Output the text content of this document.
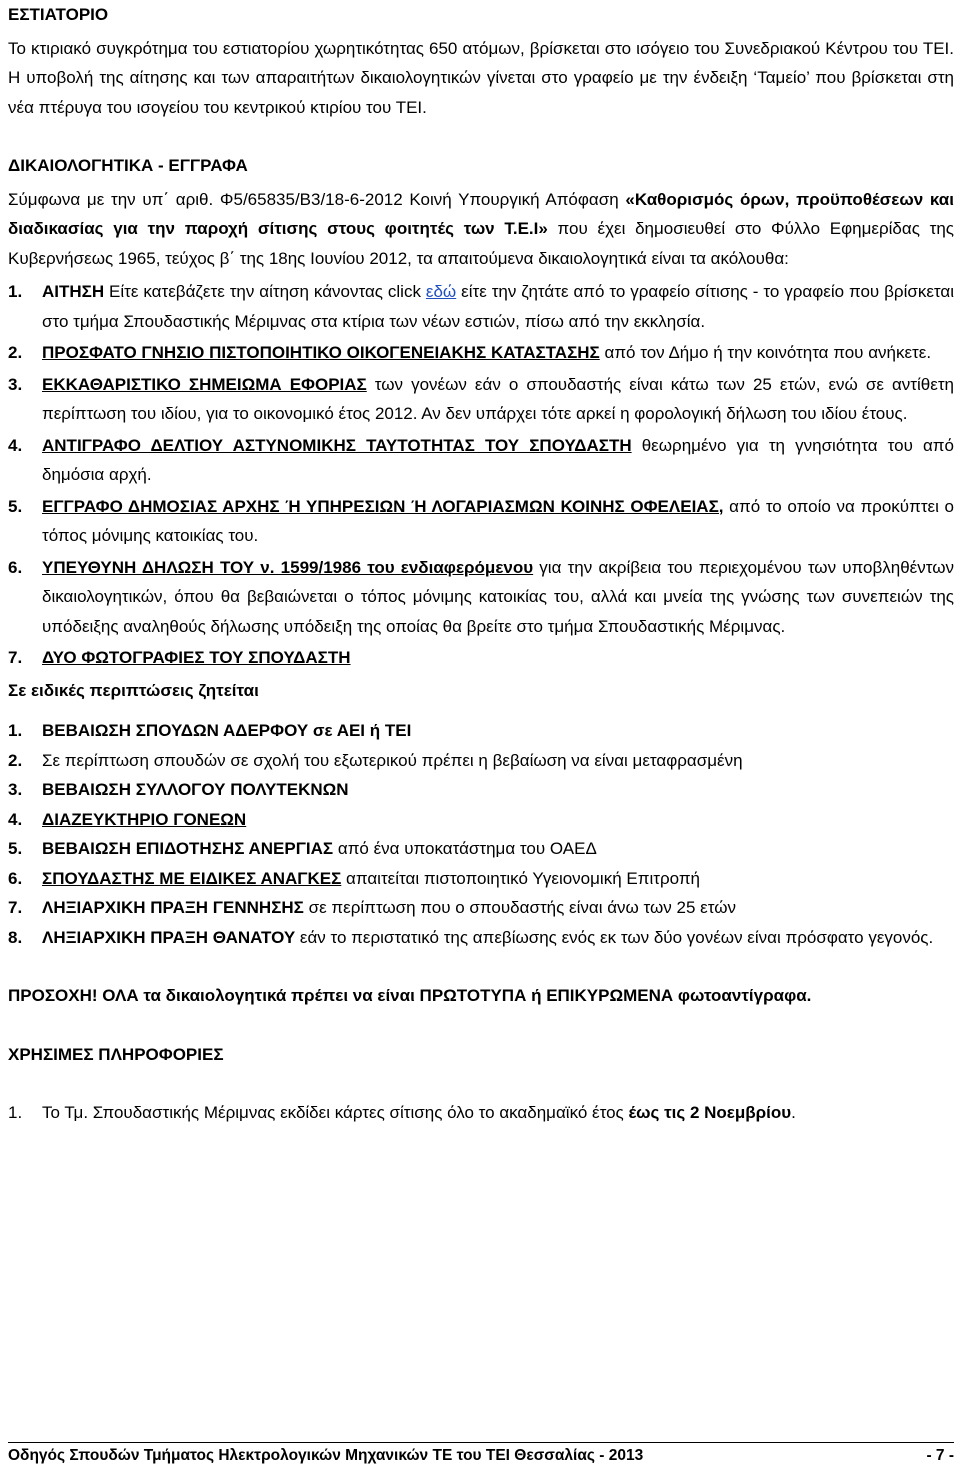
ΕΣΤΙΑΤΟΡΙΟ

Το κτιριακό συγκρότημα του εστιατορίου χωρητικότητας 650 ατόμων, βρίσκεται στο ισόγειο του Συνεδριακού Κέντρου του ΤΕΙ. Η υποβολή της αίτησης και των απαραιτήτων δικαιολογητικών γίνεται στο γραφείο με την ένδειξη ‘Ταμείο’ που βρίσκεται στη νέα πτέρυγα του ισογείου του κεντρικού κτιρίου του ΤΕΙ.

ΔΙΚΑΙΟΛΟΓΗΤΙΚΑ - ΕΓΓΡΑΦΑ

Σύμφωνα με την υπ΄ αριθ. Φ5/65835/Β3/18-6-2012 Κοινή Υπουργική Απόφαση «Καθορισμός όρων, προϋποθέσεων και διαδικασίας για την παροχή σίτισης στους φοιτητές των Τ.Ε.Ι» που έχει δημοσιευθεί στο Φύλλο Εφημερίδας της Κυβερνήσεως 1965, τεύχος β΄ της 18ης Ιουνίου 2012, τα απαιτούμενα δικαιολογητικά είναι τα ακόλουθα:

1.	ΑΙΤΗΣΗ Είτε κατεβάζετε την αίτηση κάνοντας click εδώ είτε την ζητάτε από το γραφείο σίτισης - το γραφείο που βρίσκεται στο τμήμα Σπουδαστικής Μέριμνας στα κτίρια των νέων εστιών, πίσω από την εκκλησία.
2.	ΠΡΟΣΦΑΤΟ ΓΝΗΣΙΟ ΠΙΣΤΟΠΟΙΗΤΙΚΟ ΟΙΚΟΓΕΝΕΙΑΚΗΣ ΚΑΤΑΣΤΑΣΗΣ από τον Δήμο ή την κοινότητα που ανήκετε.
3.	ΕΚΚΑΘΑΡΙΣΤΙΚΟ ΣΗΜΕΙΩΜΑ ΕΦΟΡΙΑΣ των γονέων εάν ο σπουδαστής είναι κάτω των 25 ετών, ενώ σε αντίθετη περίπτωση του ιδίου, για το οικονομικό έτος 2012. Αν δεν υπάρχει τότε αρκεί η φορολογική δήλωση του ιδίου έτους.
4.	ΑΝΤΙΓΡΑΦΟ ΔΕΛΤΙΟΥ ΑΣΤΥΝΟΜΙΚΗΣ ΤΑΥΤΟΤΗΤΑΣ ΤΟΥ ΣΠΟΥΔΑΣΤΗ θεωρημένο για τη γνησιότητα του από δημόσια αρχή.
5.	ΕΓΓΡΑΦΟ ΔΗΜΟΣΙΑΣ ΑΡΧΗΣ Ή ΥΠΗΡΕΣΙΩΝ Ή ΛΟΓΑΡΙΑΣΜΩΝ ΚΟΙΝΗΣ ΟΦΕΛΕΙΑΣ, από το οποίο να προκύπτει ο τόπος μόνιμης κατοικίας του.
6.	ΥΠΕΥΘΥΝΗ ΔΗΛΩΣΗ ΤΟΥ ν. 1599/1986 του ενδιαφερόμενου για την ακρίβεια του περιεχομένου των υποβληθέντων δικαιολογητικών, όπου θα βεβαιώνεται ο τόπος μόνιμης κατοικίας του, αλλά και μνεία της γνώσης των συνεπειών της υπόδειξης αναληθούς δήλωσης υπόδειξη της οποίας θα βρείτε στο τμήμα Σπουδαστικής Μέριμνας.
7.	ΔΥΟ ΦΩΤΟΓΡΑΦΙΕΣ ΤΟΥ ΣΠΟΥΔΑΣΤΗ
Σε ειδικές περιπτώσεις ζητείται
1.	ΒΕΒΑΙΩΣΗ ΣΠΟΥΔΩΝ ΑΔΕΡΦΟΥ σε ΑΕΙ ή ΤΕΙ
2.	Σε περίπτωση σπουδών σε σχολή του εξωτερικού πρέπει η βεβαίωση να είναι μεταφρασμένη
3.	ΒΕΒΑΙΩΣΗ ΣΥΛΛΟΓΟΥ ΠΟΛΥΤΕΚΝΩΝ
4.	ΔΙΑΖΕΥΚΤΗΡΙΟ ΓΟΝΕΩΝ
5.	ΒΕΒΑΙΩΣΗ ΕΠΙΔΟΤΗΣΗΣ ΑΝΕΡΓΙΑΣ από ένα υποκατάστημα του ΟΑΕΔ
6.	ΣΠΟΥΔΑΣΤΗΣ ΜΕ ΕΙΔΙΚΕΣ ΑΝΑΓΚΕΣ απαιτείται πιστοποιητικό Υγειονομική Επιτροπή
7.	ΛΗΞΙΑΡΧΙΚΗ ΠΡΑΞΗ ΓΕΝΝΗΣΗΣ σε περίπτωση που ο σπουδαστής είναι άνω των 25 ετών
8.	ΛΗΞΙΑΡΧΙΚΗ ΠΡΑΞΗ ΘΑΝΑΤΟΥ εάν το περιστατικό της απεβίωσης ενός εκ των δύο γονέων είναι πρόσφατο γεγονός.

ΠΡΟΣΟΧΗ! ΟΛΑ τα δικαιολογητικά πρέπει να είναι ΠΡΩΤΟΤΥΠΑ ή ΕΠΙΚΥΡΩΜΕΝΑ φωτοαντίγραφα.

ΧΡΗΣΙΜΕΣ ΠΛΗΡΟΦΟΡΙΕΣ
1.	Το Τμ. Σπουδαστικής Μέριμνας εκδίδει κάρτες σίτισης όλο το ακαδημαϊκό έτος έως τις 2 Νοεμβρίου.
Οδηγός Σπουδών Τμήματος Ηλεκτρολογικών Μηχανικών ΤΕ του ΤΕΙ Θεσσαλίας - 2013	- 7 -
